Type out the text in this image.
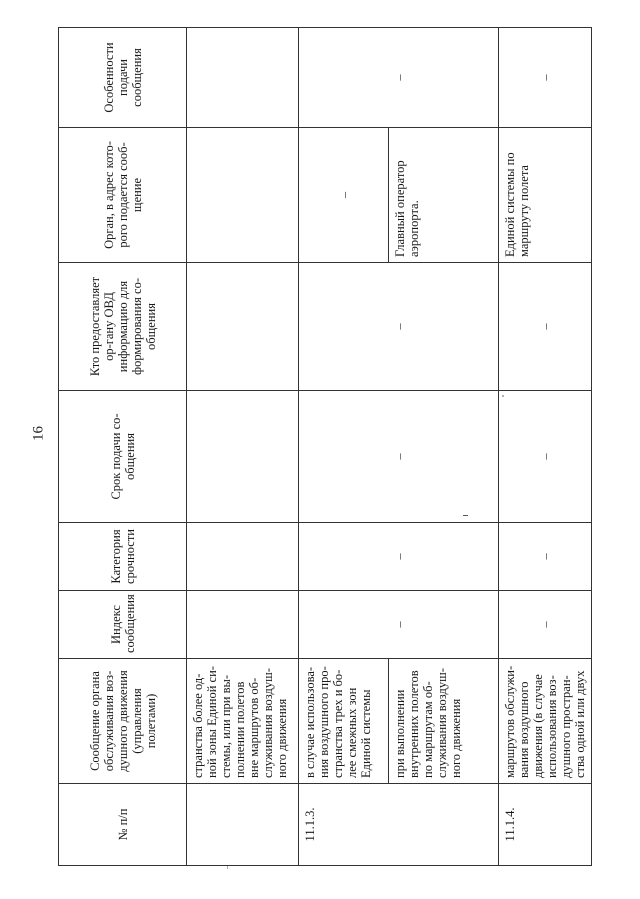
16
№ п/п	Сообщение органа обслуживания воз-душного движения (управления полетами)	Индекс сообщения	Категория срочности	Срок подачи со-общения	Кто предоставляет ор-гану ОВД информацию для формирования со-общения	Орган, в адрес кото-рого подается сооб-щение	Особенности подачи сообщения
	странства более од-ной зоны Единой си-стемы, или при вы-полнении полетов вне маршрутов об-служивания воздуш-ного движения						
11.1.3.	в случае использова-ния воздушного про-странства трех и бо-лее смежных зон Единой системы	–	–	–	–	–	–
	при выполнении внутренних полетов по маршрутам об-служивания воздуш-ного движения					Главный оператор аэропорта.	
11.1.4.	маршрутов обслужи-вания воздушного движения (в случае использования воз-душного простран-ства одной или двух	–	–	–	–	Единой системы по маршруту полета	–
